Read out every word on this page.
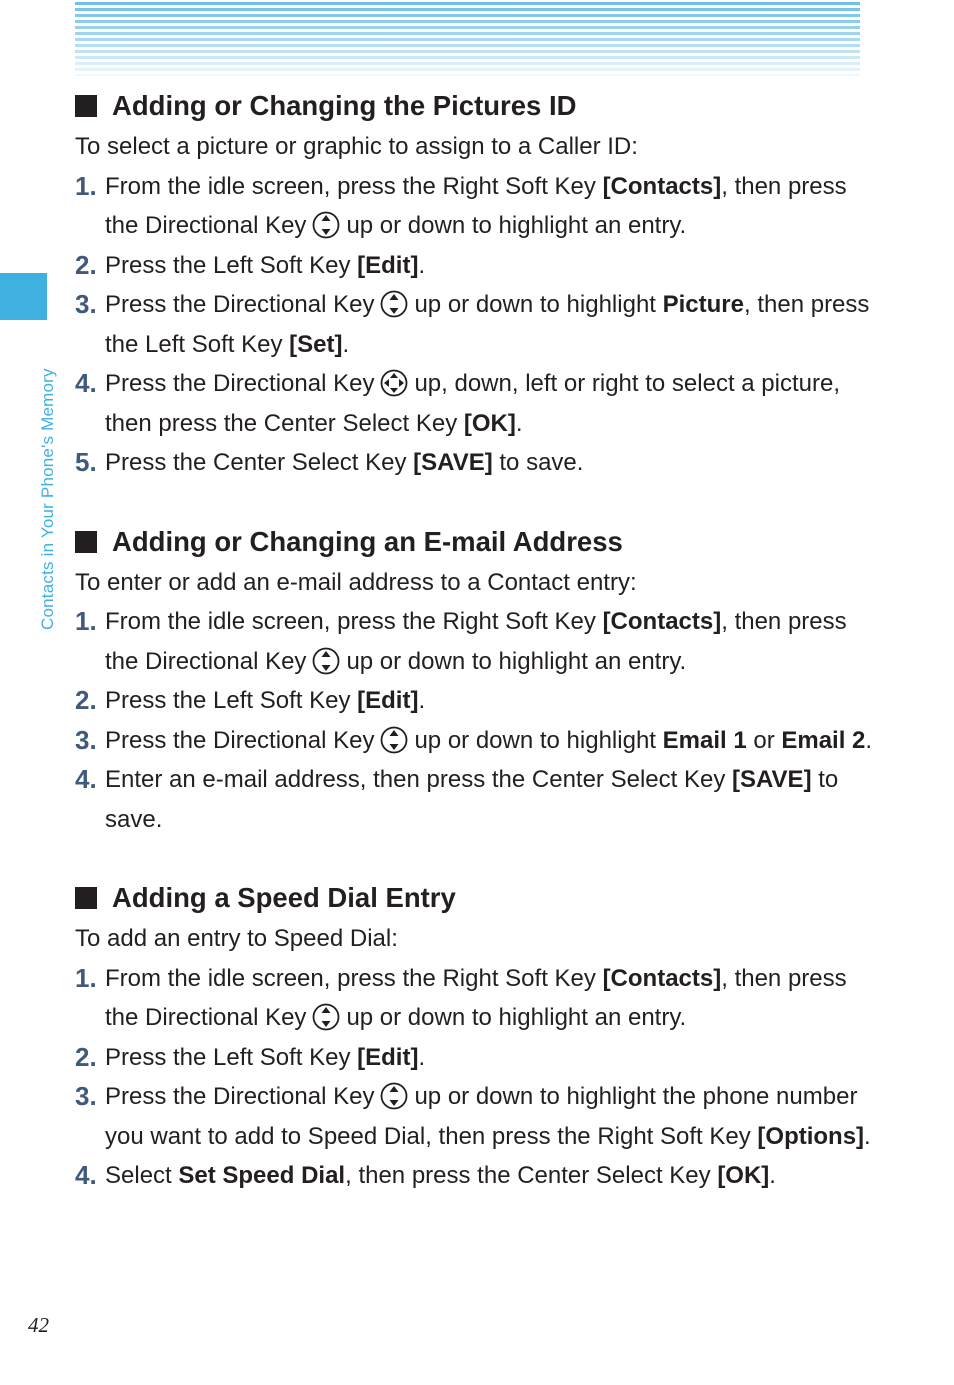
Contacts in Your Phone's Memory
42
Adding or Changing the Pictures ID

To select a picture or graphic to assign to a Caller ID:

1. From the idle screen, press the Right Soft Key [Contacts], then press the Directional Key up or down to highlight an entry.
2. Press the Left Soft Key [Edit].
3. Press the Directional Key up or down to highlight Picture, then press the Left Soft Key [Set].
4. Press the Directional Key up, down, left or right to select a picture, then press the Center Select Key [OK].
5. Press the Center Select Key [SAVE] to save.
Adding or Changing an E-mail Address

To enter or add an e-mail address to a Contact entry:

1. From the idle screen, press the Right Soft Key [Contacts], then press the Directional Key up or down to highlight an entry.
2. Press the Left Soft Key [Edit].
3. Press the Directional Key up or down to highlight Email 1 or Email 2.
4. Enter an e-mail address, then press the Center Select Key [SAVE] to save.
Adding a Speed Dial Entry

To add an entry to Speed Dial:

1. From the idle screen, press the Right Soft Key [Contacts], then press the Directional Key up or down to highlight an entry.
2. Press the Left Soft Key [Edit].
3. Press the Directional Key up or down to highlight the phone number you want to add to Speed Dial, then press the Right Soft Key [Options].
4. Select Set Speed Dial, then press the Center Select Key [OK].
